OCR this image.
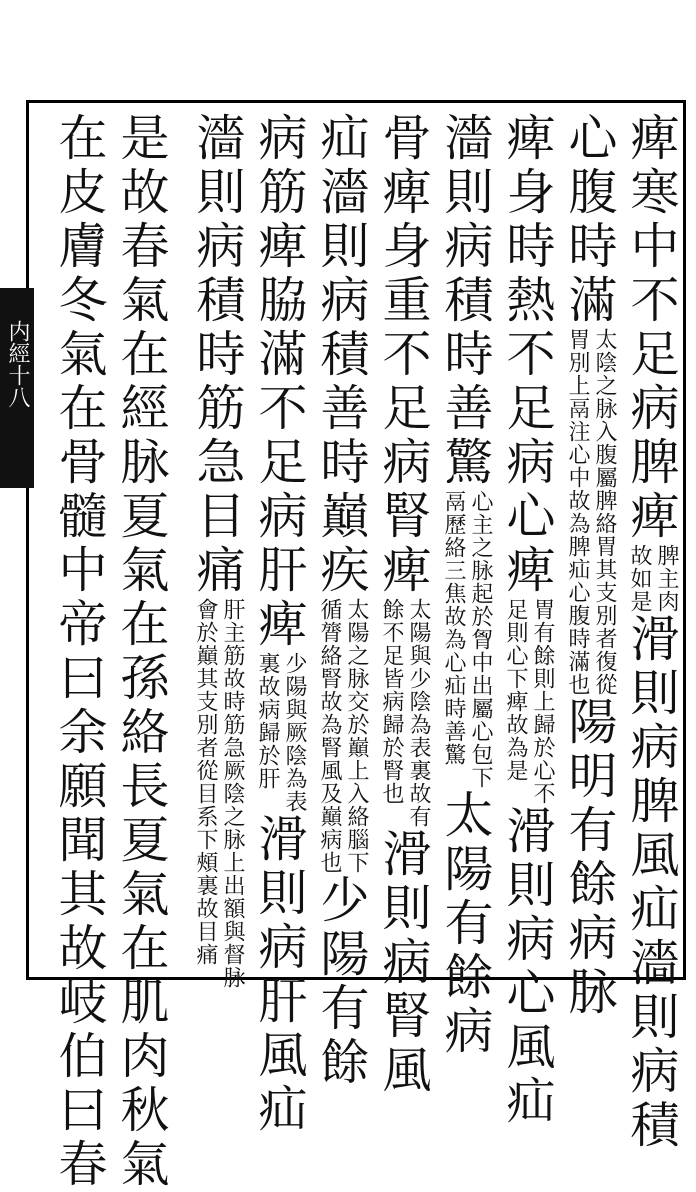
内經十八	痺寒中不足病脾痺
脾主肉
故如是
滑則病脾風疝濇則病積
心腹時滿
太陰之脉入腹屬脾絡胃其支別者復從
胃別上鬲注心中故為脾疝心腹時滿也
陽明有餘病脉
痺身時熱不足病心痺
胃有餘則上歸於心不
足則心下痺故為是
滑則病心風疝
濇則病積時善驚
心主之脉起於胷中出屬心包下
鬲歷絡三焦故為心疝時善驚
太陽有餘病
骨痺身重不足病腎痺
太陽與少陰為表裏故有
餘不足皆病歸於腎也
滑則病腎風
疝濇則病積善時巔疾
太陽之脉交於巔上入絡腦下
循膂絡腎故為腎風及巔病也
少陽有餘
病筋痺脇滿不足病肝痺
少陽與厥陰為表
裏故病歸於肝
滑則病肝風疝
濇則病積時筋急目痛
肝主筋故時筋急厥陰之脉上出額與督脉
會於巔其支別者從目系下頰裏故目痛
是故春氣在經脉夏氣在孫絡長夏氣在肌肉秋氣
在皮膚冬氣在骨髓中帝曰余願聞其故岐伯曰春
